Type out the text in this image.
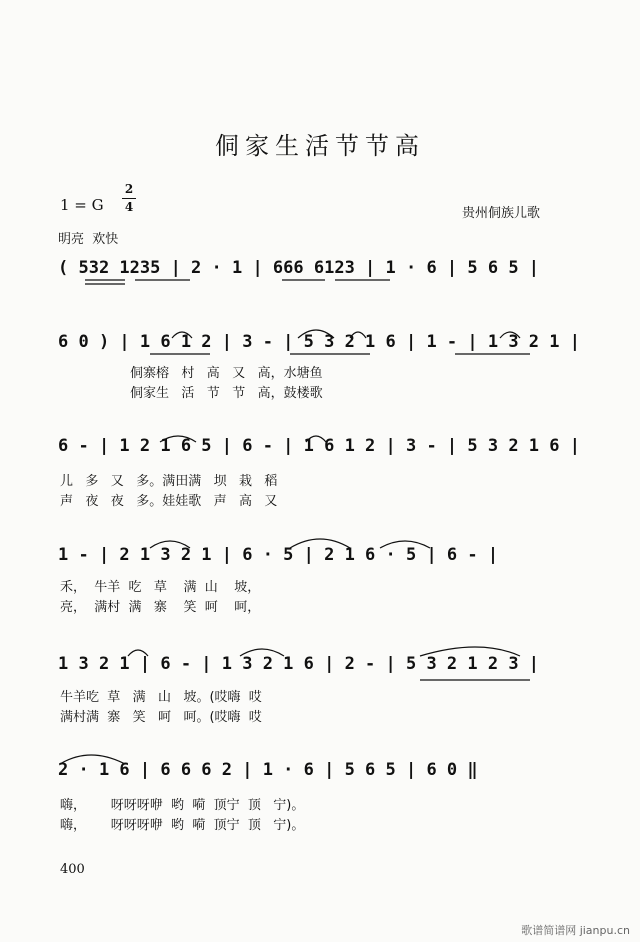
侗家生活节节高
1 = G
2
4	贵州侗族儿歌
明亮  欢快
( 532 1235 | 2 · 1 | 666 6123 | 1 · 6 | 5 6 5 |
6 0 ) | 1 6 1 2 | 3 - | 5 3 2 1 6 | 1 - | 1 3 2 1 |
侗寨榕   村   高   又   高，水塘鱼
侗家生   活   节   节   高，鼓楼歌
6 - | 1 2 1 6 5 | 6 - | 1 6 1 2 | 3 - | 5 3 2 1 6 |
儿   多   又   多。满田满   坝   栽   稻
声   夜   夜   多。娃娃歌   声   高   又
1 - | 2 1 3 2 1 | 6 · 5 | 2 1 6 · 5 | 6 - |
禾，  牛羊  吃   草    满  山    坡，
亮，  满村  满   寨    笑  呵    呵，
1 3 2 1 | 6 - | 1 3 2 1 6 | 2 - | 5 3 2 1 2 3 |
牛羊吃  草   满   山   坡。(哎嗨  哎
满村满  寨   笑   呵   呵。(哎嗨  哎
2 · 1 6 | 6 6 6 2 | 1 · 6 | 5 6 5 | 6 0 ‖
嗨，      呀呀呀咿  哟  嗬  顶宁  顶   宁)。
嗨，      呀呀呀咿  哟  嗬  顶宁  顶   宁)。
400
歌谱简谱网 jianpu.cn
